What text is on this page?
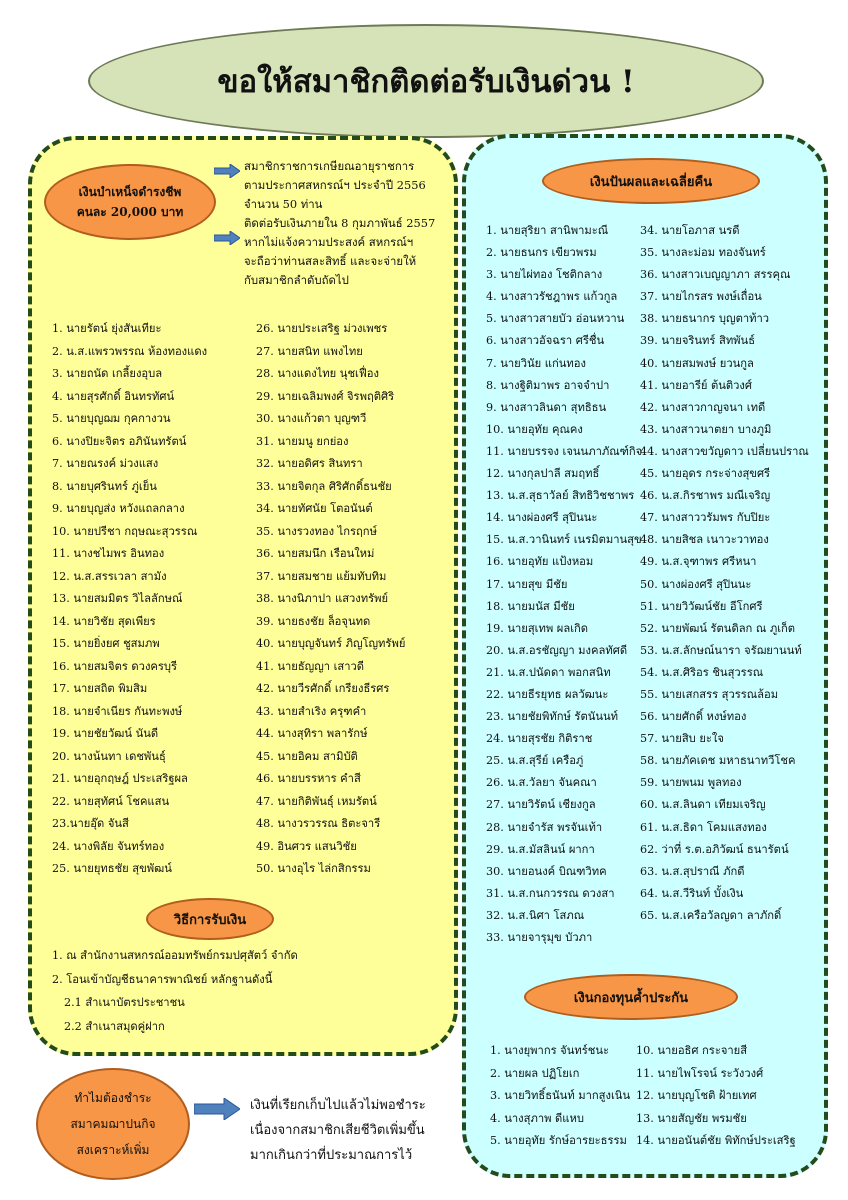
ขอให้สมาชิกติดต่อรับเงินด่วน !
เงินบำเหน็จดำรงชีพ
คนละ 20,000 บาท
สมาชิกราชการเกษียณอายุราชการ
ตามประกาศสหกรณ์ฯ ประจำปี 2556
จำนวน 50 ท่าน
ติดต่อรับเงินภายใน 8 กุมภาพันธ์ 2557
หากไม่แจ้งความประสงค์ สหกรณ์ฯ
จะถือว่าท่านสละสิทธิ์ และจะจ่ายให้
กับสมาชิกลำดับถัดไป
1. นายรัตน์ ยุ่งสันเทียะ
2. น.ส.แพรวพรรณ ห้องทองแดง
3. นายถนัด เกลี้ยงอุบล
4. นายสุรศักดิ์ อินทรทัศน์
5. นายบุญฌม กุคกางวน
6. นางปิยะจิตร อภินันทรัตน์
7. นายณรงค์ ม่วงแสง
8. นายบุศรินทร์ ภู่เย็น
9. นายบุญส่ง หวังแถลกลาง
10. นายปรีชา กฤษณะสุวรรณ
11. นางชไมพร อินทอง
12. น.ส.สรรเวลา สามัง
13. นายสมมิตร วิไลลักษณ์
14. นายวิชัย สุดเพียร
15. นายยิ่งยศ ชูสมภพ
16. นายสมจิตร ดวงครบุรี
17. นายสถิต พิมสิม
18. นายจำเนียร กันทะพงษ์
19. นายชัยวัฒน์ นันดี
20. นางน้นทา เดชพันธุ์
21. นายอุกฤษฎ์ ประเสริฐผล
22. นายสุทัศน์ โชคแสน
23.นายอุ๊ด จันสี
24. นางพิลัย จันทร์ทอง
25. นายยุทธชัย สุขพัฒน์
26. นายประเสริฐ ม่วงเพชร
27. นายสนิท แพงไทย
28. นางแดงไทย นุชเฟื่อง
29. นายเฉลิมพงศ์ จิรพฤติศิริ
30. นางแก้วตา บุญฑวี
31. นายมนู ยกย่อง
32. นายอดิศร สินทรา
33. นายจิตกุล ศิริศักดิ์ธนชัย
34. นายทัศนัย โตอนันต์
35. นางรวงทอง ไกรฤกษ์
36. นายสมนึก เรือนใหม่
37. นายสมชาย แย้มทับทิม
38. นางนิภาปา แสวงทรัพย์
39. นายธงชัย ล็อจุนทด
40. นายบุญจันทร์ ภิญโญทรัพย์
41. นายธัญญา เสาวดี
42. นายวีรศักดิ์ เกรียงธีรศร
43. นายสำเริง ครุฑคำ
44. นางสุทิรา พลารักษ์
45. นายอิคม สามิบัติ
46. นายบรรหาร คำสี
47. นายกิติพันธุ์ เหมรัตน์
48. นางวรวรรณ ธิตะจารี
49. อินศวร แสนวิชัย
50. นางอุไร ไล่กสิกรรม
วิธีการรับเงิน
1. ณ สำนักงานสหกรณ์ออมทรัพย์กรมปศุสัตว์ จำกัด
2. โอนเข้าบัญชีธนาคารพาณิชย์ หลักฐานดังนี้
2.1 สำเนาบัตรประชาชน
2.2 สำเนาสมุดคู่ฝาก
ทำไมต้องชำระ
สมาคมฌาปนกิจ
สงเคราะห์เพิ่ม
เงินที่เรียกเก็บไปแล้วไม่พอชำระ
เนื่องจากสมาชิกเสียชีวิตเพิ่มขึ้น
มากเกินกว่าที่ประมาณการไว้
เงินปันผลและเฉลี่ยคืน
1. นายสุริยา สานิพามะณี
2. นายธนกร เขียวพรม
3. นายไผ่ทอง โชติกลาง
4. นางสาวรัชฎาพร แก้วกูล
5. นางสาวสายบัว อ่อนหวาน
6. นางสาวอัจฉรา ศรีชื่น
7. นายวินัย แก่นทอง
8. นางฐิติมาพร อาจจำปา
9. นางสาวลินดา สุทธิธน
10. นายอุทัย คุณคง
11. นายบรรจง เจนนภาภัณฑ์กิจ
12. นางกุลปาลี สมฤทธิ์
13. น.ส.สุธาวัลย์ สิทธิวิชชาพร
14. นางผ่องศรี สุปินนะ
15. น.ส.วานินทร์ เนรมิตมานสุข
16. นายอุทัย แป้งหอม
17. นายสุข มีชัย
18. นายมนัส มีชัย
19. นายสุเทพ ผลเกิด
20. น.ส.อรชัญญา มงคลทัศดี
21. น.ส.ปนัดดา พอกสนิท
22. นายธีรยุทธ ผลวัฒนะ
23. นายชัยพิทักษ์ รัตนันนท์
24. นายสุรชัย กิติราช
25. น.ส.สุรีย์ เครือภู่
26. น.ส.วัลยา จันคณา
27. นายวิรัตน์ เชียงกูล
28. นายจำรัส พรจันเท้า
29. น.ส.มัสลินน์ ผากา
30. นายอนงค์ บิณฑวิทค
31. น.ส.กนกวรรณ ดวงสา
32. น.ส.นิศา โสภณ
33. นายจารุมุข บัวภา
34. นายโอภาส นรดี
35. นางละม่อม ทองจันทร์
36. นางสาวเบญญาภา สรรคุณ
37. นายไกรสร พงษ์เถื่อน
38. นายธนากร บุญตาท้าว
39. นายจรินทร์ สิทพันธ์
40. นายสมพงษ์ ยวนกูล
41. นายอารีย์ ต้นติวงศ์
42. นางสาวกาญจนา เทดี
43. นางสาวนาตยา บางภูมิ
44. นางสาวขวัญดาว เปลี่ยนปราณ
45. นายอุดร กระจ่างสุขศรี
46. น.ส.กิรชาพร มณีเจริญ
47. นางสาววรัมพร กับปิยะ
48. นายสิชล เนาวะวาทอง
49. น.ส.จุฑาพร ศรีหนา
50. นางผ่องศรี สุปินนะ
51. นายวิวัฒน์ชัย อีโกศรี
52. นายพัฒน์ รัตนดิลก ณ ภูเก็ต
53. น.ส.ลักษณ์นารา จรัฌยานนท์
54. น.ส.ศิริอร ชินสุวรรณ
55. นายเสกสรร สุวรรณล้อม
56. นายศักดิ์ หงษ์ทอง
57. นายสิบ ยะใจ
58. นายภัคเดช มหาธนาทวีโชค
59. นายพนม พูลทอง
60. น.ส.ลินดา เทียมเจริญ
61. น.ส.ธิดา โคมแสงทอง
62. ว่าที่ ร.ต.อภิวัฒน์ ธนารัตน์
63. น.ส.สุปราณี ภักดี
64. น.ส.วีรินท์ บั้งเงิน
65. น.ส.เครือวัลญดา ลาภักดิ์
เงินกองทุนค้ำประกัน
1. นางยุพากร จันทร์ชนะ
2. นายผล ปฏิโยเก
3. นายวิทธิ์ธนันท์ มากสูงเนิน
4. นางสุภาพ ดีแหบ
5. นายอุทัย รักษ์อารยะธรรม
10. นายอธิศ กระจายสี
11. นายไพโรจน์ ระวังวงศ์
12. นายบุญโชติ ฝ้ายเทศ
13. นายสัญชัย พรมชัย
14. นายอนันต์ชัย พิทักษ์ประเสริฐ
